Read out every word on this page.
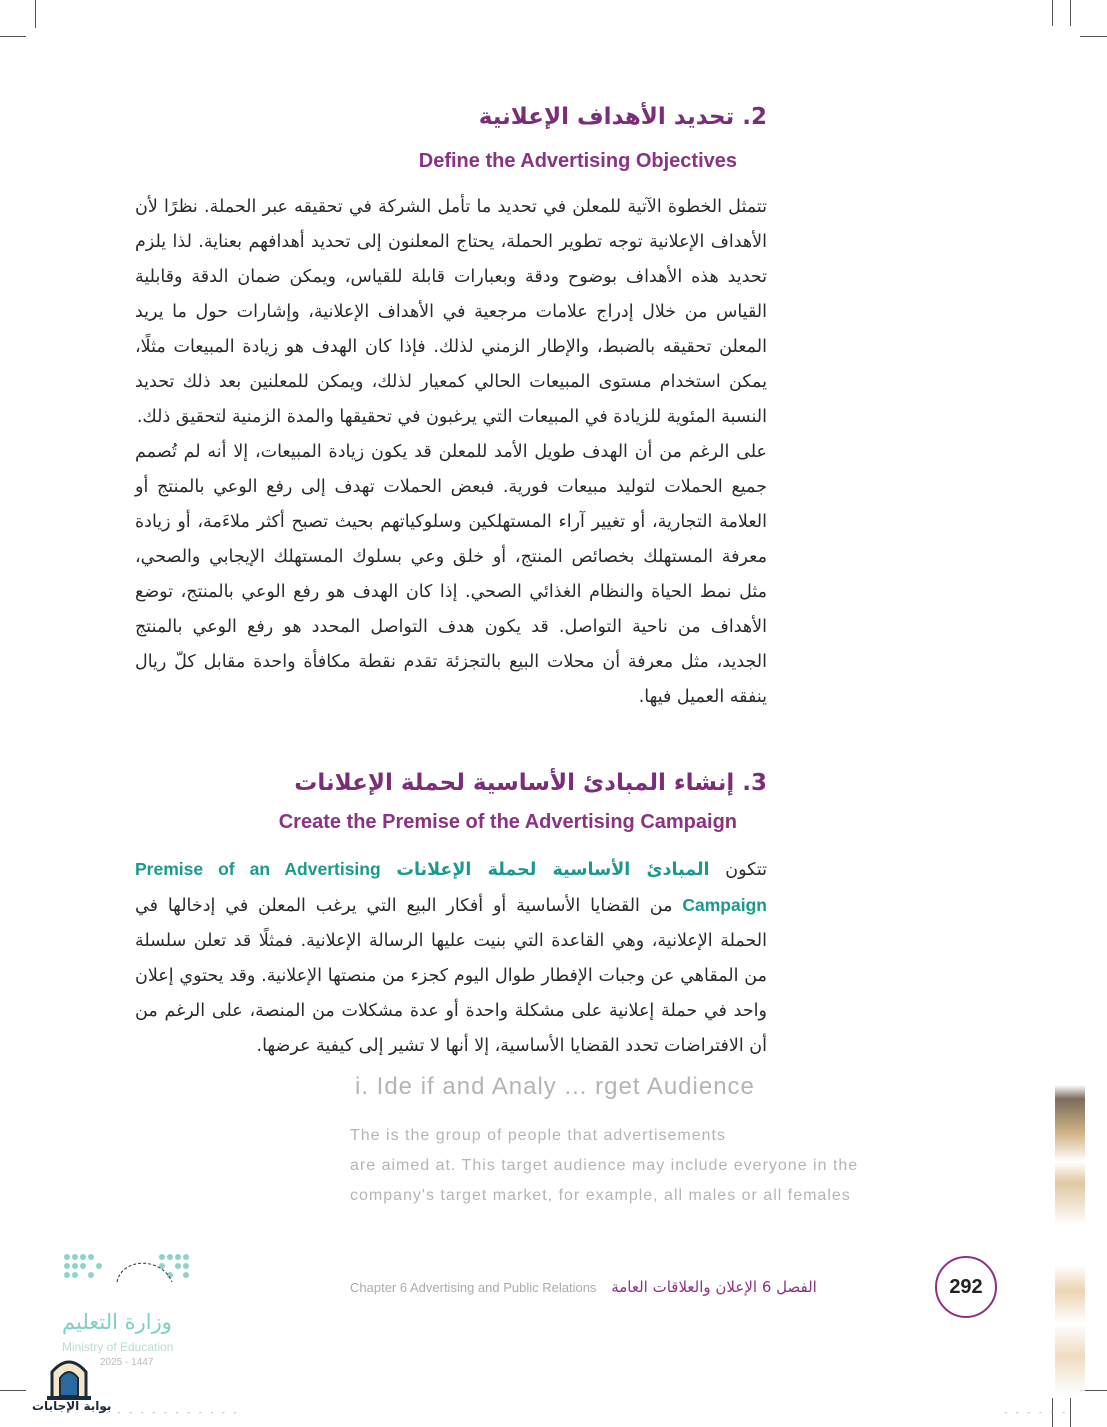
2. تحديد الأهداف الإعلانية
Define the Advertising Objectives

تتمثل الخطوة الآتية للمعلن في تحديد ما تأمل الشركة في تحقيقه عبر الحملة. نظرًا لأن الأهداف الإعلانية توجه تطوير الحملة، يحتاج المعلنون إلى تحديد أهدافهم بعناية. لذا يلزم تحديد هذه الأهداف بوضوح ودقة وبعبارات قابلة للقياس، ويمكن ضمان الدقة وقابلية القياس من خلال إدراج علامات مرجعية في الأهداف الإعلانية، وإشارات حول ما يريد المعلن تحقيقه بالضبط، والإطار الزمني لذلك. فإذا كان الهدف هو زيادة المبيعات مثلًا، يمكن استخدام مستوى المبيعات الحالي كمعيار لذلك، ويمكن للمعلنين بعد ذلك تحديد النسبة المئوية للزيادة في المبيعات التي يرغبون في تحقيقها والمدة الزمنية لتحقيق ذلك.

على الرغم من أن الهدف طويل الأمد للمعلن قد يكون زيادة المبيعات، إلا أنه لم تُصمم جميع الحملات لتوليد مبيعات فورية. فبعض الحملات تهدف إلى رفع الوعي بالمنتج أو العلامة التجارية، أو تغيير آراء المستهلكين وسلوكياتهم بحيث تصبح أكثر ملاءَمة، أو زيادة معرفة المستهلك بخصائص المنتج، أو خلق وعي بسلوك المستهلك الإيجابي والصحي، مثل نمط الحياة والنظام الغذائي الصحي. إذا كان الهدف هو رفع الوعي بالمنتج، توضع الأهداف من ناحية التواصل. قد يكون هدف التواصل المحدد هو رفع الوعي بالمنتج الجديد، مثل معرفة أن محلات البيع بالتجزئة تقدم نقطة مكافأة واحدة مقابل كلّ ريال ينفقه العميل فيها.

3. إنشاء المبادئ الأساسية لحملة الإعلانات
Create the Premise of the Advertising Campaign

تتكون المبادئ الأساسية لحملة الإعلانات Premise of an Advertising Campaign من القضايا الأساسية أو أفكار البيع التي يرغب المعلن في إدخالها في الحملة الإعلانية، وهي القاعدة التي بنيت عليها الرسالة الإعلانية. فمثلًا قد تعلن سلسلة من المقاهي عن وجبات الإفطار طوال اليوم كجزء من منصتها الإعلانية. وقد يحتوي إعلان واحد في حملة إعلانية على مشكلة واحدة أو عدة مشكلات من المنصة، على الرغم من أن الافتراضات تحدد القضايا الأساسية، إلا أنها لا تشير إلى كيفية عرضها.

i. Ide if and Analy ... rget Audience
The is the group of people that advertisements
are aimed at. This target audience may include everyone in the
company's target market, for example, all males or all females
الفصل 6 الإعلان والعلاقات العامة Chapter 6 Advertising and Public Relations	292
وزارة التعليم
Ministry of Education
2025 - 1447
بوابة الإجابات
- - - - - - - - - - - -	- - - - - -
